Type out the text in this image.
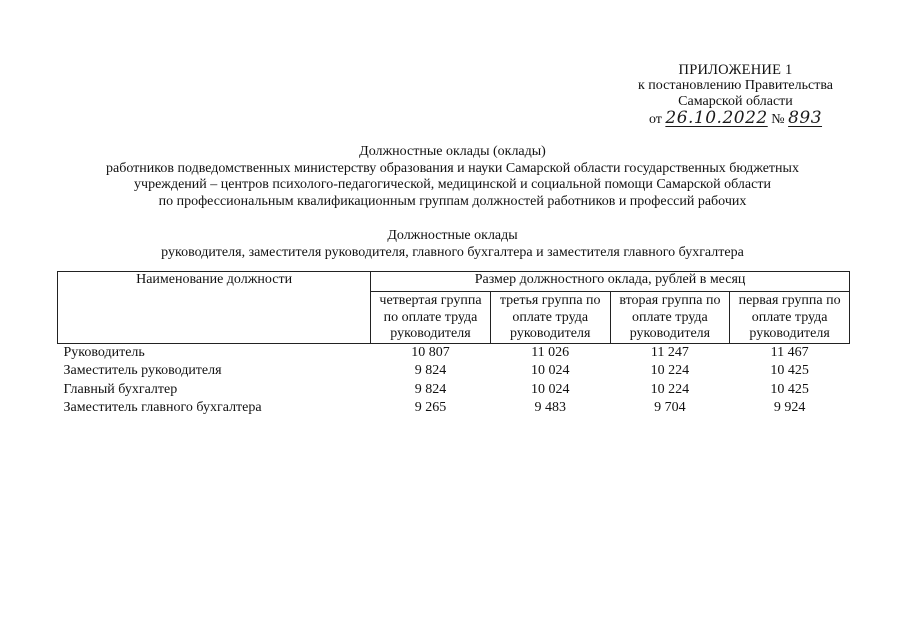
ПРИЛОЖЕНИЕ 1
к постановлению Правительства
Самарской области
от 26.10.2022 № 893
Должностные оклады (оклады)
работников подведомственных министерству образования и науки Самарской области государственных бюджетных
учреждений – центров психолого-педагогической, медицинской и социальной помощи Самарской области
по профессиональным квалификационным группам должностей работников и профессий рабочих
Должностные оклады
руководителя, заместителя руководителя, главного бухгалтера и заместителя главного бухгалтера
Наименование должности	Размер должностного оклада, рублей в месяц			
	четвертая группа по оплате труда руководителя	третья группа по оплате труда руководителя	вторая группа по оплате труда руководителя	первая группа по оплате труда руководителя
Руководитель	10 807	11 026	11 247	11 467
Заместитель руководителя	9 824	10 024	10 224	10 425
Главный бухгалтер	9 824	10 024	10 224	10 425
Заместитель главного бухгалтера	9 265	9 483	9 704	9 924
